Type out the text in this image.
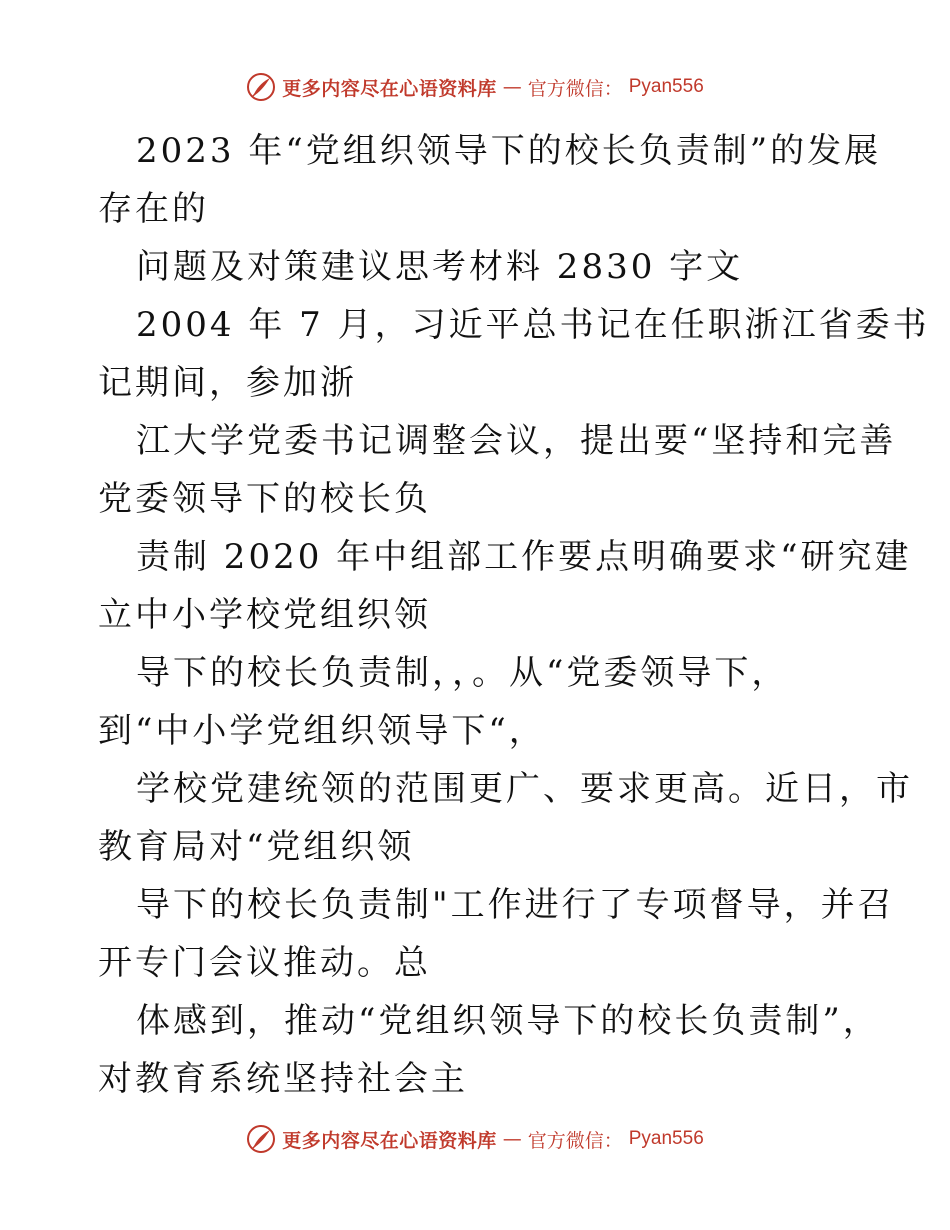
更多内容尽在心语资料库 — 官方微信： Pyan556
2023 年“党组织领导下的校长负责制”的发展
存在的
问题及对策建议思考材料 2830 字文
2004 年 7 月，习近平总书记在任职浙江省委书
记期间，参加浙
江大学党委书记调整会议，提出要“坚持和完善
党委领导下的校长负
责制 2020 年中组部工作要点明确要求“研究建
立中小学校党组织领
导下的校长负责制，，。从“党委领导下，
到“中小学党组织领导下“，
学校党建统领的范围更广、要求更高。近日，市
教育局对“党组织领
导下的校长负责制"工作进行了专项督导，并召
开专门会议推动。总
体感到，推动“党组织领导下的校长负责制”，
对教育系统坚持社会主
更多内容尽在心语资料库 — 官方微信： Pyan556
